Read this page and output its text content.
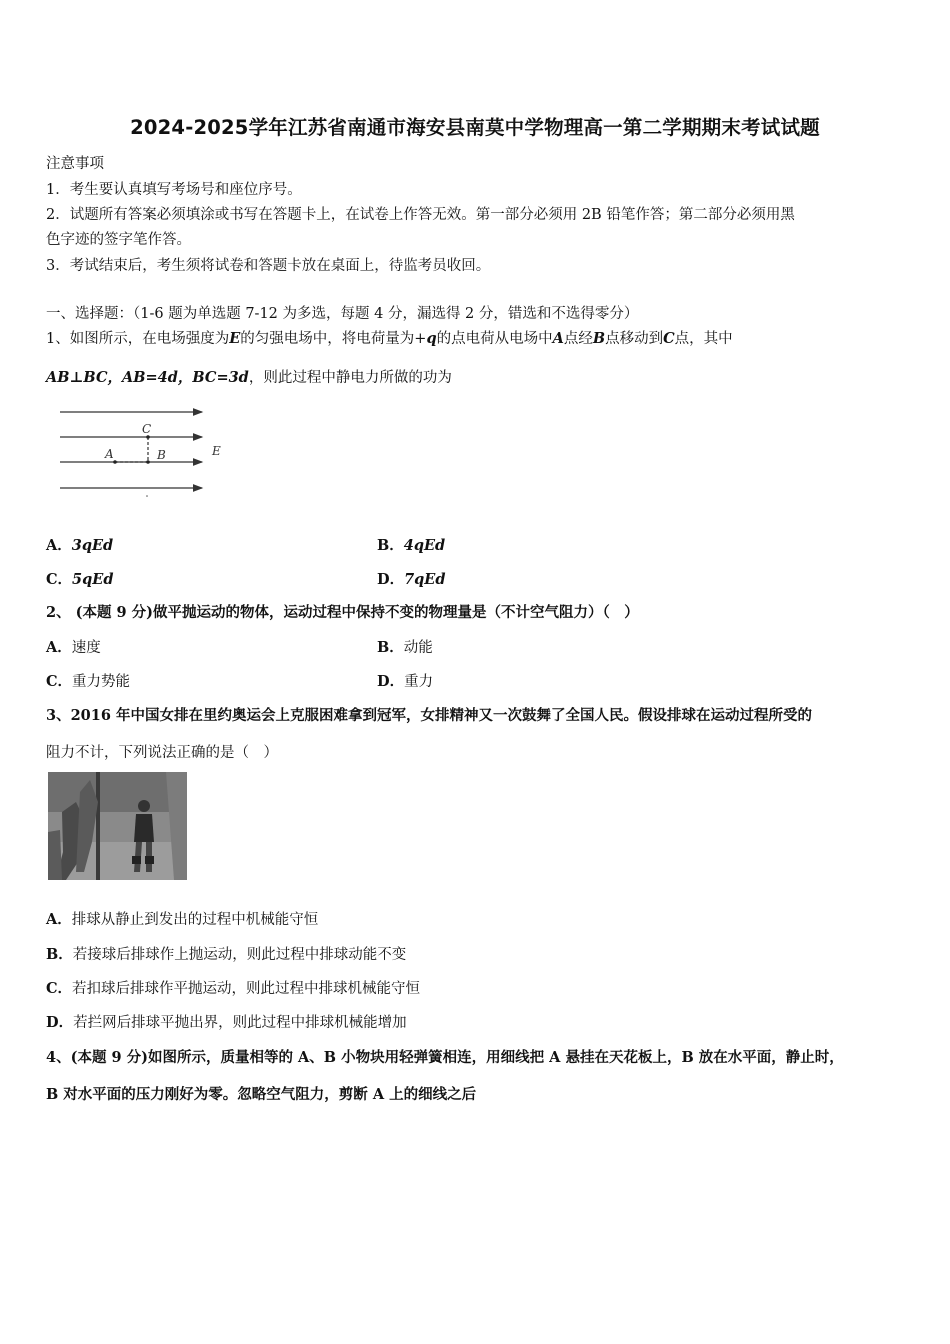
2024-2025学年江苏省南通市海安县南莫中学物理高一第二学期期末考试试题
注意事项
1．考生要认真填写考场号和座位序号。
2．试题所有答案必须填涂或书写在答题卡上，在试卷上作答无效。第一部分必须用 2B 铅笔作答；第二部分必须用黑
色字迹的签字笔作答。
3．考试结束后，考生须将试卷和答题卡放在桌面上，待监考员收回。
一、选择题：（1-6 题为单选题 7-12 为多选，每题 4 分，漏选得 2 分，错选和不选得零分）
1、如图所示，在电场强度为E的匀强电场中，将电荷量为+q的点电荷从电场中A点经B点移动到C点，其中
AB⊥BC，AB=4d，BC=3d，则此过程中静电力所做的功为
C
A	B	E
A．3qEd	B．4qEd
C．5qEd	D．7qEd
2、 (本题 9 分)做平抛运动的物体，运动过程中保持不变的物理量是（不计空气阻力）（　）
A．速度	B．动能
C．重力势能	D．重力
3、2016 年中国女排在里约奥运会上克服困难拿到冠军，女排精神又一次鼓舞了全国人民。假设排球在运动过程所受的
阻力不计，下列说法正确的是（　）
A．排球从静止到发出的过程中机械能守恒
B．若接球后排球作上抛运动，则此过程中排球动能不变
C．若扣球后排球作平抛运动，则此过程中排球机械能守恒
D．若拦网后排球平抛出界，则此过程中排球机械能增加
4、(本题 9 分)如图所示，质量相等的 A、B 小物块用轻弹簧相连，用细线把 A 悬挂在天花板上，B 放在水平面，静止时，
B 对水平面的压力刚好为零。忽略空气阻力，剪断 A 上的细线之后
